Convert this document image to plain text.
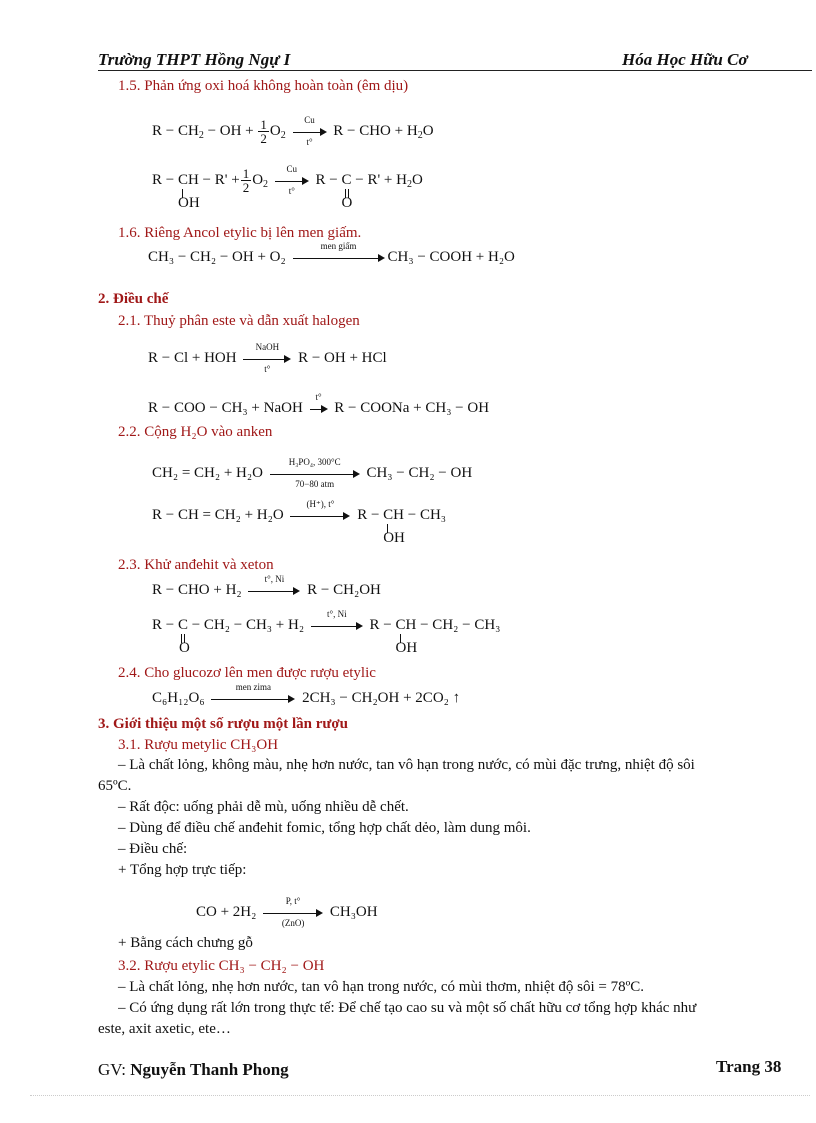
Trường THPT Hồng Ngự I	Hóa Học Hữu Cơ
1.5. Phản ứng oxi hoá không hoàn toàn (êm dịu)
$R - CH_2$ − OH + $\frac{1}{2} O_2 \frac{Cu}{t^\circ}$ R − CHO + $H_2O$
R − CH − R' +
OH
$\frac{1}{2} O_2 \frac{Cu}{t^\circ}$ R − C − R' + H
O
$_2$O
1.6. Riêng Ancol etylic bị lên men giấm.
CH₃ − CH₂ − OH + O₂
men giấm
CH₃ − COOH + H₂O
2. Điều chế
2.1. Thuỷ phân este và dẫn xuất halogen
R − Cl + HOH
NaOH
t°
R − OH + HCl
R − COO − CH₃ + NaOH
t°
R − COONa + CH₃ − OH
2.2. Cộng H₂O vào anken
CH₂ = CH₂ + H₂O
H₃PO₄, 300°C
70−80 atm
CH₃ − CH₂ − OH
R − CH = CH₂ + H₂O
(H⁺), t°
R − CH − CH₃
OH
2.3. Khử anđehit và xeton
R − CHO + H₂
t°, Ni
R − CH₂OH
R − C − CH₂ − CH₃ + H₂
O

t°, Ni
R − CH − CH₂ − CH₃
OH
2.4. Cho glucozơ lên men được rượu etylic
C₆H₁₂O₆
men zima
2CH₃ − CH₂OH + 2CO₂ ↑
3. Giới thiệu một số rượu một lần rượu
3.1. Rượu metylic CH₃OH
– Là chất lỏng, không màu, nhẹ hơn nước, tan vô hạn trong nước, có mùi đặc trưng, nhiệt độ sôi
65ºC.
– Rất độc: uống phải dễ mù, uống nhiều dễ chết.
– Dùng để điều chế anđehit fomic, tổng hợp chất dẻo, làm dung môi.
– Điều chế:
+ Tổng hợp trực tiếp:
CO + 2H₂
P, t°
(ZnO)
CH₃OH
+ Bằng cách chưng gỗ
3.2. Rượu etylic CH₃ − CH₂ − OH
– Là chất lỏng, nhẹ hơn nước, tan vô hạn trong nước, có mùi thơm, nhiệt độ sôi = 78ºC.
– Có ứng dụng rất lớn trong thực tế: Để chế tạo cao su và một số chất hữu cơ tổng hợp khác như
este, axit axetic, ete…
GV: Nguyễn Thanh Phong	Trang 38
